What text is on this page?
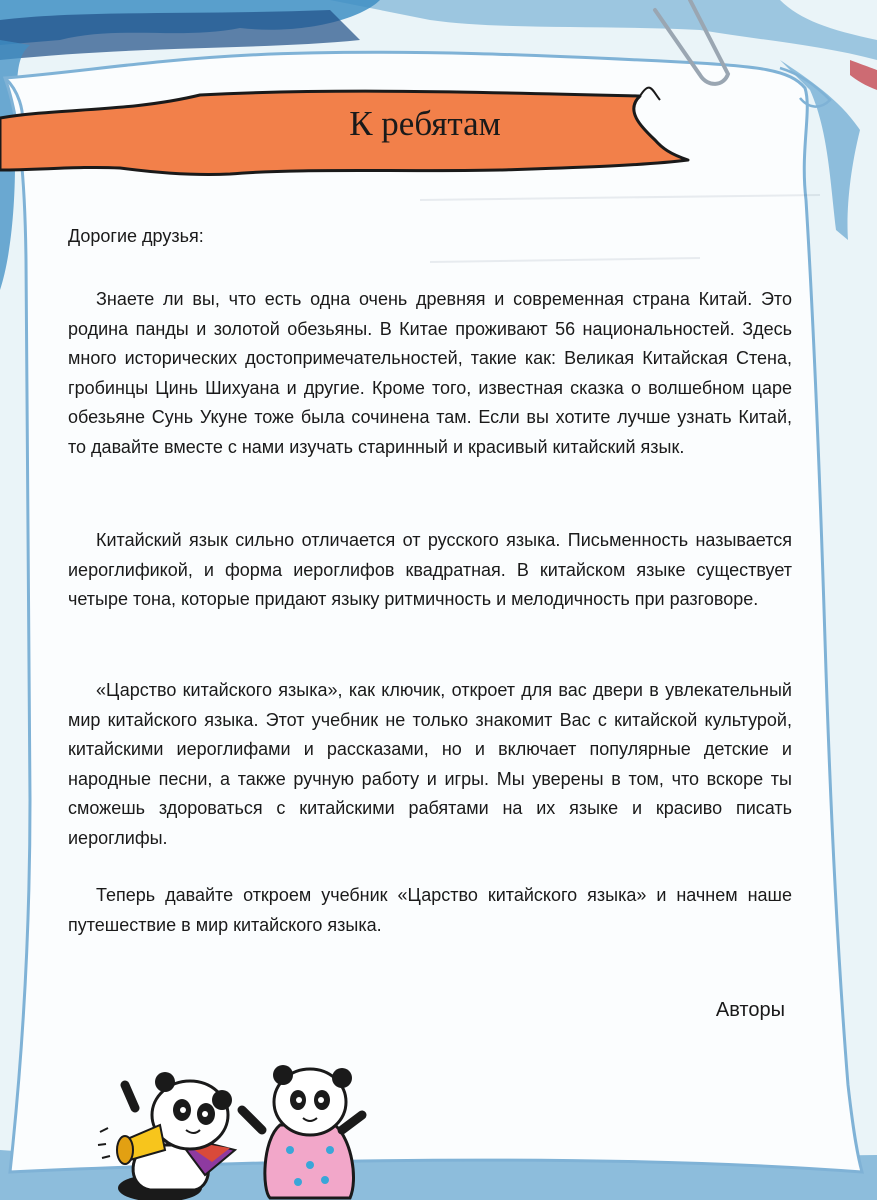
К ребятам
Дорогие друзья:

Знаете ли вы, что есть одна очень древняя и современная страна Китай. Это родина панды и золотой обезьяны. В Китае проживают 56 национальностей. Здесь много исторических достопримечательностей, такие как: Великая Китайская Стена, гробинцы Цинь Шихуана и другие. Кроме того, известная сказка о волшебном царе обезьяне Сунь Укуне тоже была сочинена там. Если вы хотите лучше узнать Китай, то давайте вместе с нами изучать старинный и красивый китайский язык.

Китайский язык сильно отличается от русского языка. Письменность называется иероглификой, и форма иероглифов квадратная. В китайском языке существует четыре тона, которые придают языку ритмичность и мелодичность при разговоре.

«Царство китайского языка», как ключик, откроет для вас двери в увлекательный мир китайского языка. Этот учебник не только знакомит Вас с китайской культурой, китайскими иероглифами и рассказами, но и включает популярные детские и народные песни, а также ручную работу и игры. Мы уверены в том, что вскоре ты сможешь здороваться с китайскими рабятами на их языке и красиво писать иероглифы.

Теперь давайте откроем учебник «Царство китайского языка» и начнем наше путешествие в мир китайского языка.

Авторы
